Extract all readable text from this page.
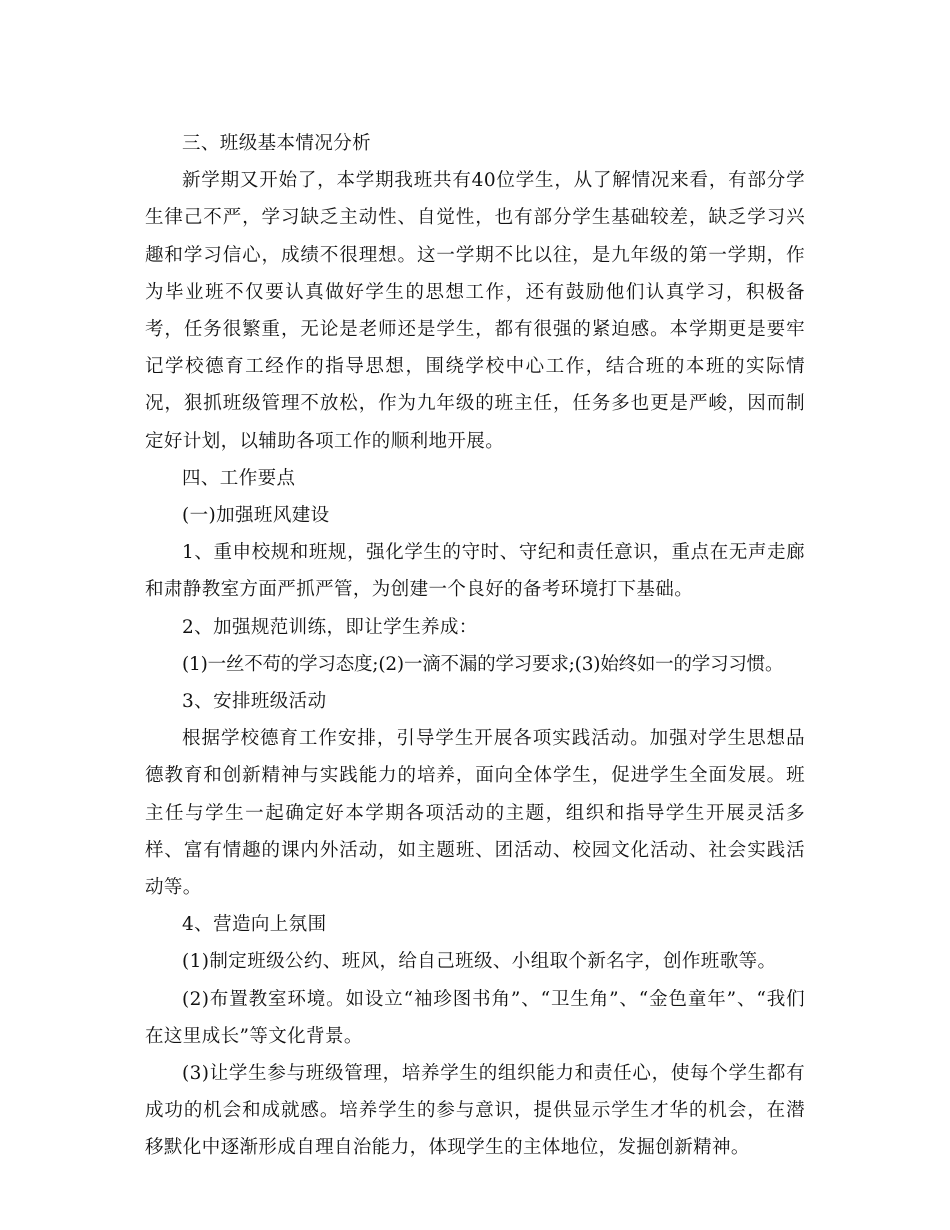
三、班级基本情况分析

新学期又开始了，本学期我班共有40位学生，从了解情况来看，有部分学生律己不严，学习缺乏主动性、自觉性，也有部分学生基础较差，缺乏学习兴趣和学习信心，成绩不很理想。这一学期不比以往，是九年级的第一学期，作为毕业班不仅要认真做好学生的思想工作，还有鼓励他们认真学习，积极备考，任务很繁重，无论是老师还是学生，都有很强的紧迫感。本学期更是要牢记学校德育工经作的指导思想，围绕学校中心工作，结合班的本班的实际情况，狠抓班级管理不放松，作为九年级的班主任，任务多也更是严峻，因而制定好计划，以辅助各项工作的顺利地开展。

四、工作要点

(一)加强班风建设

1、重申校规和班规，强化学生的守时、守纪和责任意识，重点在无声走廊和肃静教室方面严抓严管，为创建一个良好的备考环境打下基础。

2、加强规范训练，即让学生养成：

(1)一丝不苟的学习态度;(2)一滴不漏的学习要求;(3)始终如一的学习习惯。

3、安排班级活动

根据学校德育工作安排，引导学生开展各项实践活动。加强对学生思想品德教育和创新精神与实践能力的培养，面向全体学生，促进学生全面发展。班主任与学生一起确定好本学期各项活动的主题，组织和指导学生开展灵活多样、富有情趣的课内外活动，如主题班、团活动、校园文化活动、社会实践活动等。

4、营造向上氛围

(1)制定班级公约、班风，给自己班级、小组取个新名字，创作班歌等。

(2)布置教室环境。如设立“袖珍图书角”、“卫生角”、“金色童年”、“我们在这里成长”等文化背景。

(3)让学生参与班级管理，培养学生的组织能力和责任心，使每个学生都有成功的机会和成就感。培养学生的参与意识，提供显示学生才华的机会，在潜移默化中逐渐形成自理自治能力，体现学生的主体地位，发掘创新精神。
